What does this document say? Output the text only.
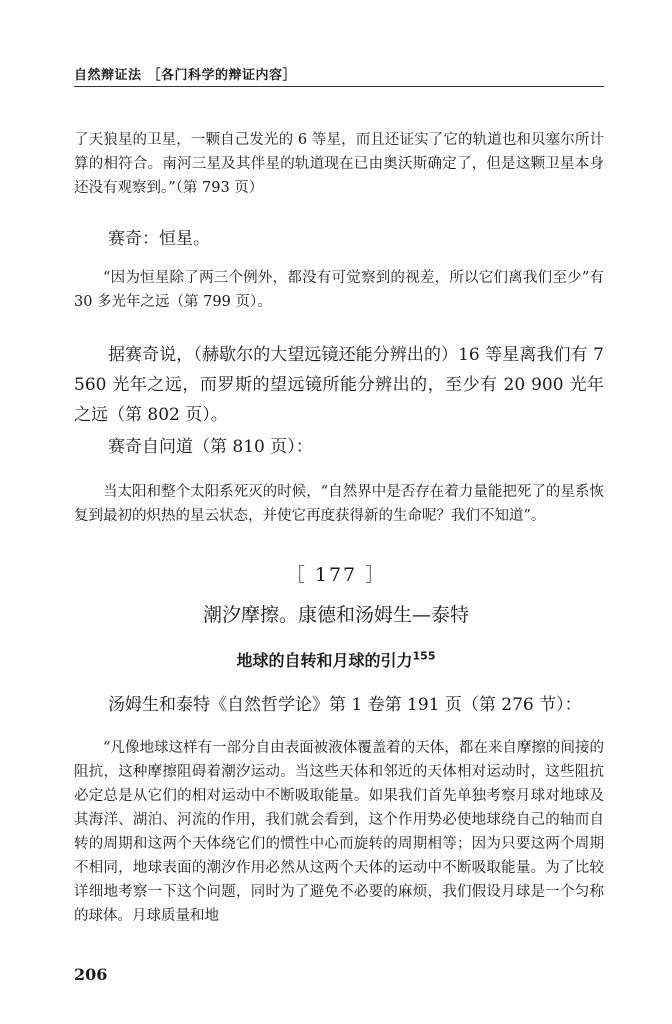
自然辩证法 ［各门科学的辩证内容］
了天狼星的卫星，一颗自己发光的 6 等星，而且还证实了它的轨道也和贝塞尔所计算的相符合。南河三星及其伴星的轨道现在已由奥沃斯确定了，但是这颗卫星本身还没有观察到。”（第 793 页）
赛奇：恒星。
“因为恒星除了两三个例外，都没有可觉察到的视差，所以它们离我们至少”有 30 多光年之远（第 799 页）。
据赛奇说，（赫歇尔的大望远镜还能分辨出的）16 等星离我们有 7 560 光年之远，而罗斯的望远镜所能分辨出的，至少有 20 900 光年之远（第 802 页）。
赛奇自问道（第 810 页）：
当太阳和整个太阳系死灭的时候，“自然界中是否存在着力量能把死了的星系恢复到最初的炽热的星云状态，并使它再度获得新的生命呢？我们不知道”。
［ 177 ］
潮汐摩擦。康德和汤姆生—泰特
地球的自转和月球的引力$^{155}$
汤姆生和泰特《自然哲学论》第 1 卷第 191 页（第 276 节）：
“凡像地球这样有一部分自由表面被液体覆盖着的天体，都在来自摩擦的间接的阻抗，这种摩擦阻碍着潮汐运动。当这些天体和邻近的天体相对运动时，这些阻抗必定总是从它们的相对运动中不断吸取能量。如果我们首先单独考察月球对地球及其海洋、湖泊、河流的作用，我们就会看到，这个作用势必使地球绕自己的轴而自转的周期和这两个天体绕它们的惯性中心而旋转的周期相等；因为只要这两个周期不相同，地球表面的潮汐作用必然从这两个天体的运动中不断吸取能量。为了比较详细地考察一下这个问题，同时为了避免不必要的麻烦，我们假设月球是一个匀称的球体。月球质量和地
206
